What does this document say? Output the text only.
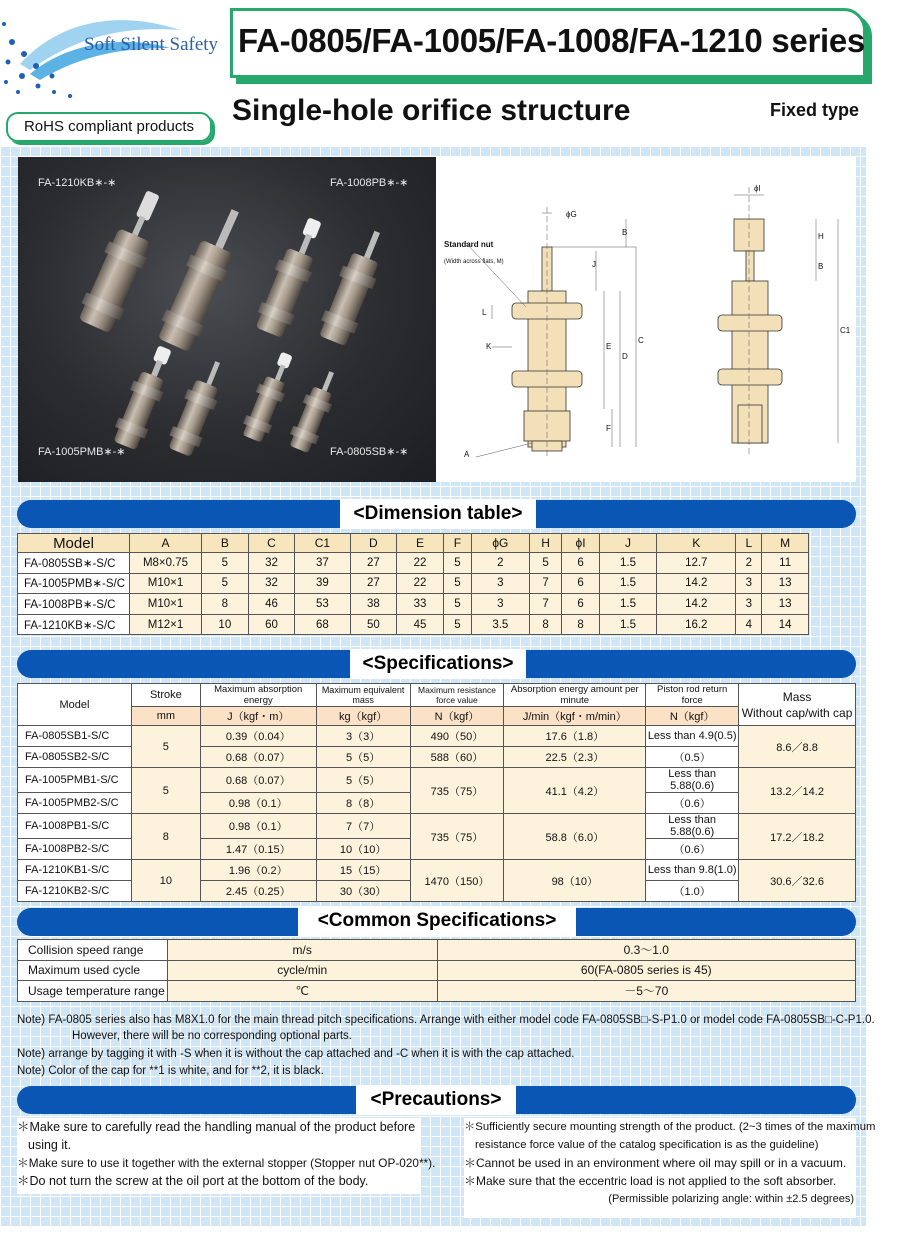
Soft Silent Safety FA-0805/FA-1005/FA-1008/FA-1210 series
RoHS compliant products	Single-hole orifice structure	Fixed type
FA-1210KB∗-∗	FA-1008PB∗-∗
FA-1005PMB∗-∗	FA-0805SB∗-∗
ϕG
Standard nut
(Width across flats, M)
L
K
A
B
J
E
D
C
F
ϕI
H
B
C1
<Dimension table>
Model	A	B	C	C1	D	E	F	ϕG	H	ϕI	J	K	L	M
FA-0805SB∗-S/C	M8×0.75	5	32	37	27	22	5	2	5	6	1.5	12.7	2	11
FA-1005PMB∗-S/C	M10×1	5	32	39	27	22	5	3	7	6	1.5	14.2	3	13
FA-1008PB∗-S/C	M10×1	8	46	53	38	33	5	3	7	6	1.5	14.2	3	13
FA-1210KB∗-S/C	M12×1	10	60	68	50	45	5	3.5	8	8	1.5	16.2	4	14
<Specifications>
Model	Stroke	Maximum absorption energy	Maximum equivalent mass	Maximum resistance force value	Absorption energy amount per minute	Piston rod return force	Mass
Without cap/with cap

	mm	J（kgf・m）	kg（kgf）	N（kgf）	J/min（kgf・m/min）	N（kgf）	
FA-0805SB1-S/C	5	0.39（0.04）	3（3）	490（50）	17.6（1.8）	Less than 4.9(0.5)	8.6／8.8
FA-0805SB2-S/C		0.68（0.07）	5（5）	588（60）	22.5（2.3）	（0.5）	
FA-1005PMB1-S/C	5	0.68（0.07）	5（5）	735（75）	41.1（4.2）	Less than 5.88(0.6)	13.2／14.2
FA-1005PMB2-S/C		0.98（0.1）	8（8）			（0.6）	
FA-1008PB1-S/C	8	0.98（0.1）	7（7）	735（75）	58.8（6.0）	Less than 5.88(0.6)	17.2／18.2
FA-1008PB2-S/C		1.47（0.15）	10（10）			（0.6）	
FA-1210KB1-S/C	10	1.96（0.2）	15（15）	1470（150）	98（10）	Less than 9.8(1.0)	30.6／32.6
FA-1210KB2-S/C		2.45（0.25）	30（30）			（1.0）	
<Common Specifications>
Collision speed range	m/s	0.3～1.0
Maximum used cycle	cycle/min	60(FA-0805 series is 45)
Usage temperature range	℃	－5～70
Note) FA-0805 series also has M8X1.0 for the main thread pitch specifications. Arrange with either model code FA-0805SB□-S-P1.0 or model code FA-0805SB□-C-P1.0.
However, there will be no corresponding optional parts.
Note) arrange by tagging it with -S when it is without the cap attached and -C when it is with the cap attached.
Note) Color of the cap for **1 is white, and for **2, it is black.
<Precautions>
＊Make sure to carefully read the handling manual of the product before
using it.
＊Make sure to use it together with the external stopper (Stopper nut OP-020**).
＊Do not turn the screw at the oil port at the bottom of the body.
＊Sufficiently secure mounting strength of the product. (2~3 times of the maximum
resistance force value of the catalog specification is as the guideline)
＊Cannot be used in an environment where oil may spill or in a vacuum.
＊Make sure that the eccentric load is not applied to the soft absorber.
(Permissible polarizing angle: within ±2.5 degrees)
